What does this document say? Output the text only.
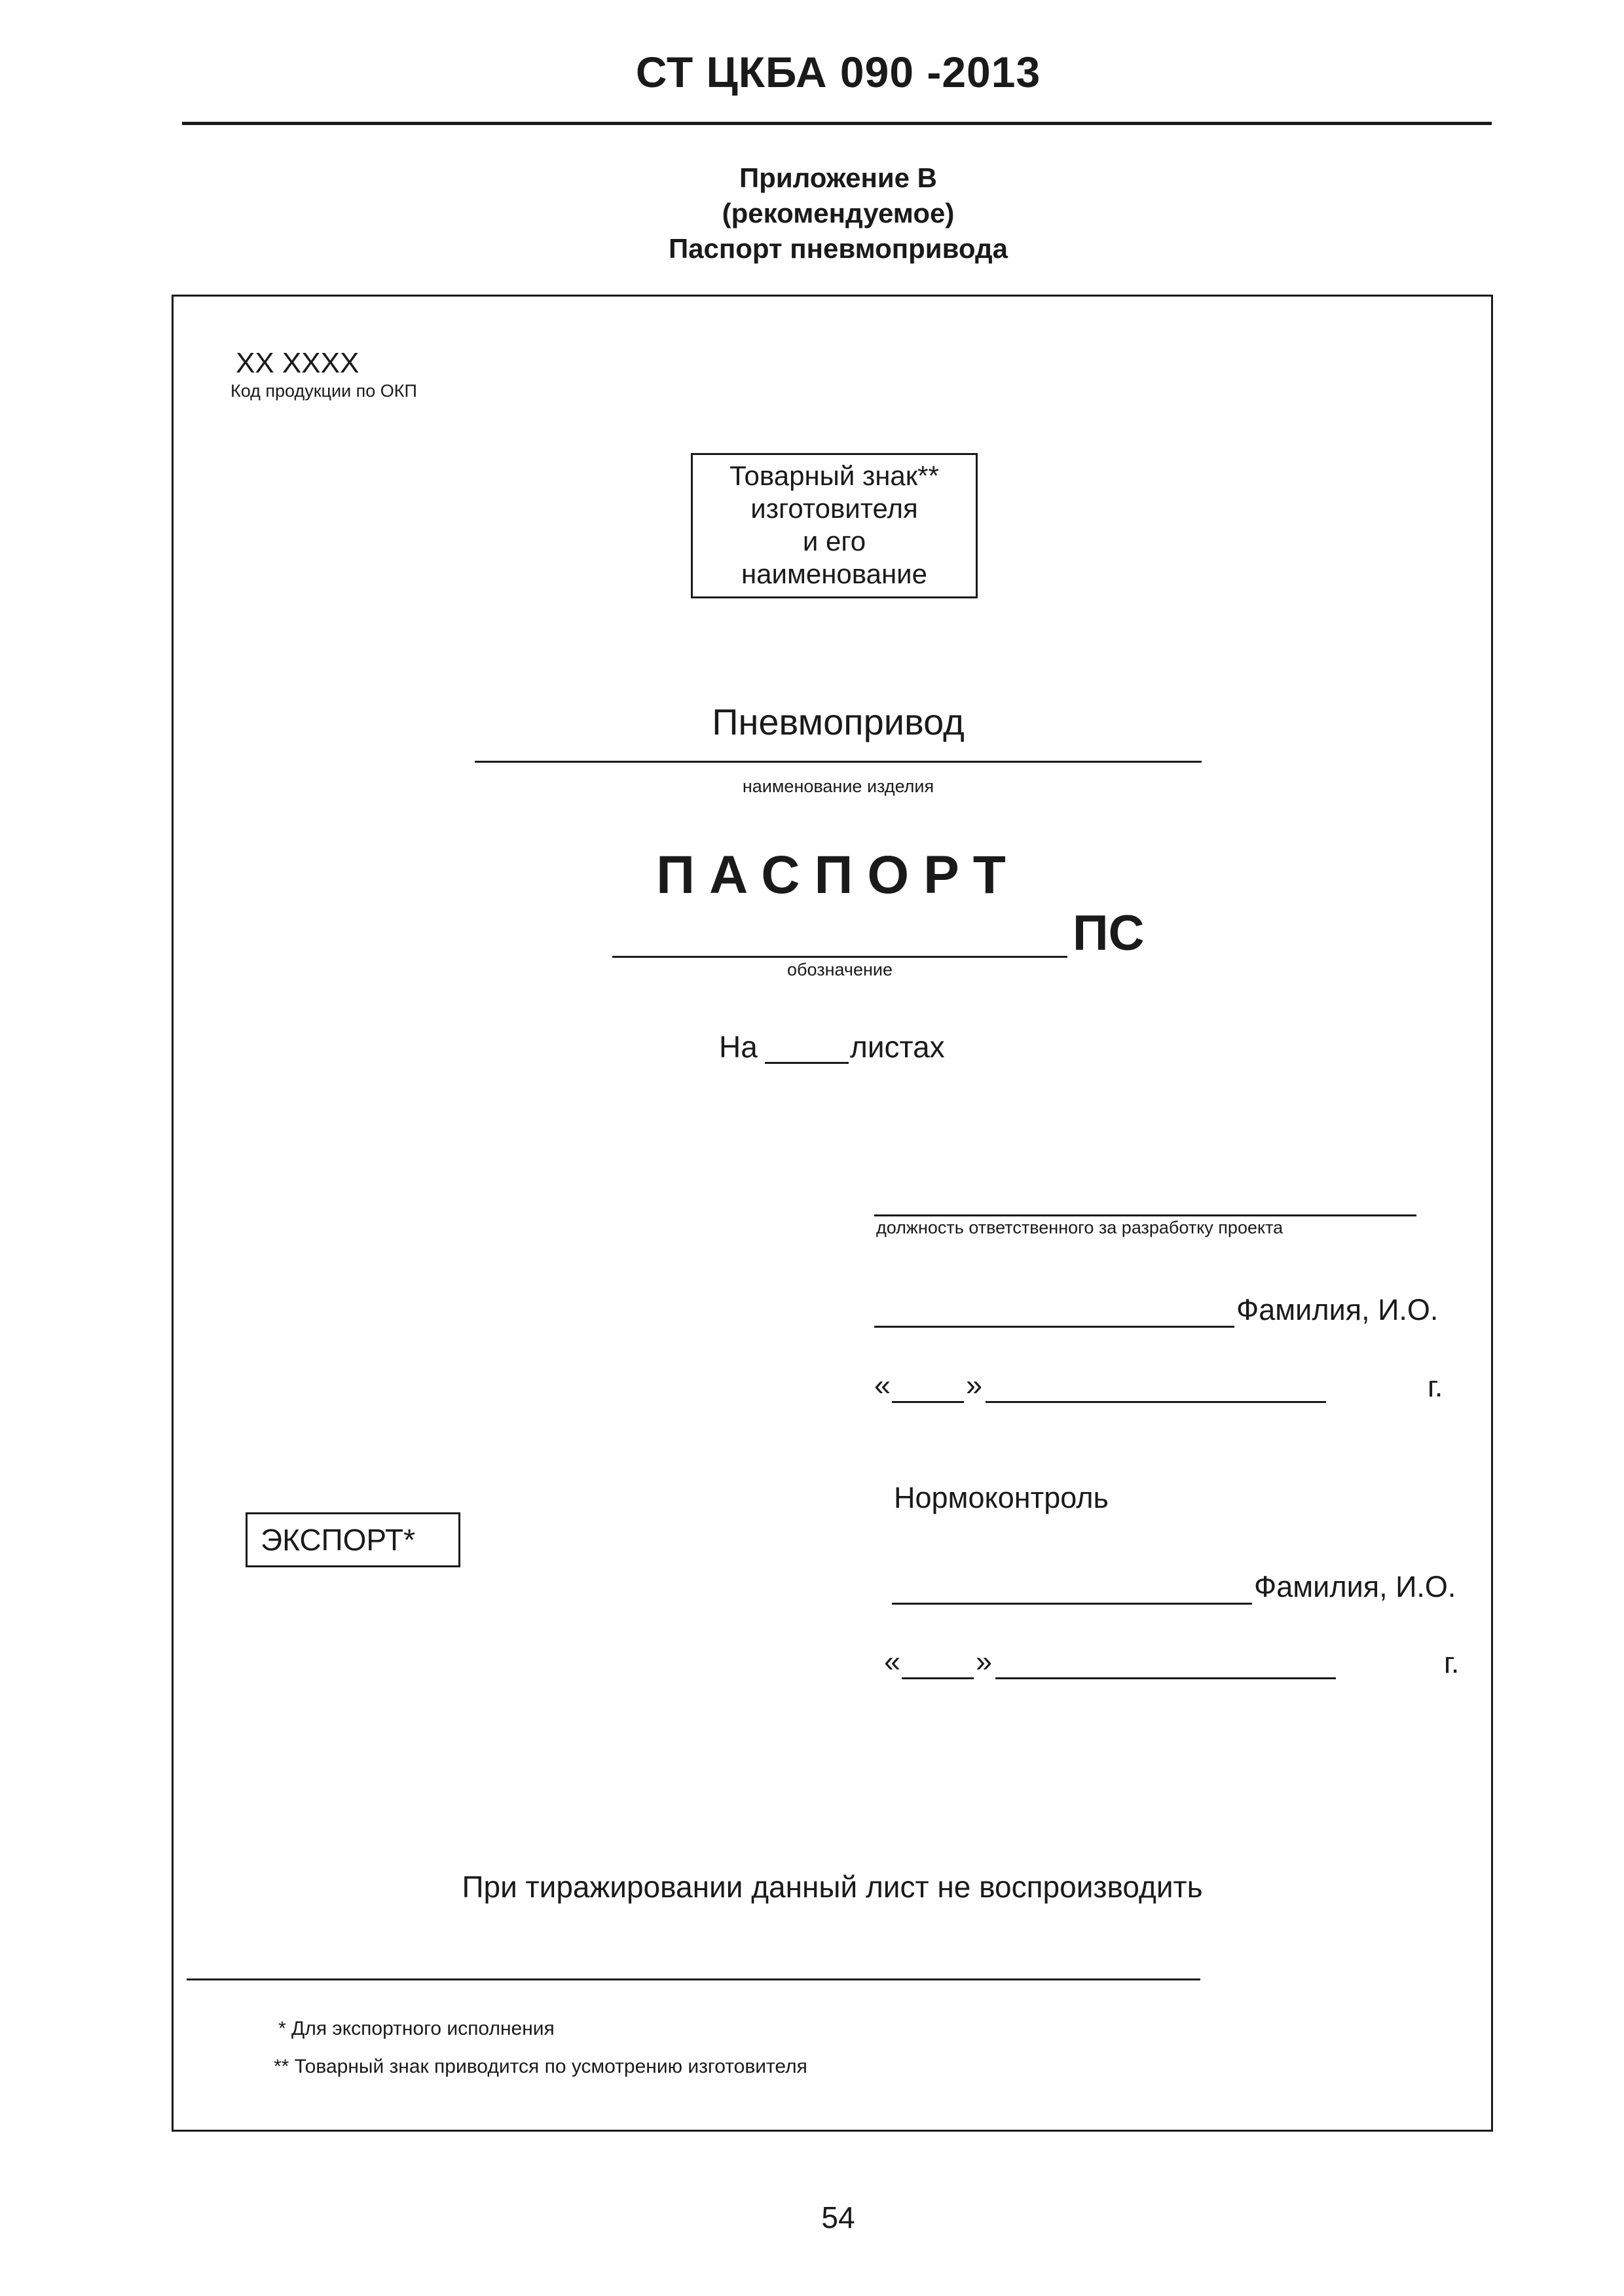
СТ ЦКБА 090 -2013
Приложение В
(рекомендуемое)
Паспорт пневмопривода
ХХ ХХХХ
Код продукции по ОКП
Товарный знак**
изготовителя
и его
наименование
Пневмопривод
наименование изделия
ПАСПОРТ
ПС
обозначение
На	листах
должность ответственного за разработку проекта
Фамилия, И.О.
«	»	г.
Нормоконтроль
ЭКСПОРТ*
Фамилия, И.О.
«	»	г.
При тиражировании данный лист не воспроизводить
* Для экспортного исполнения
** Товарный знак приводится по усмотрению изготовителя
54
